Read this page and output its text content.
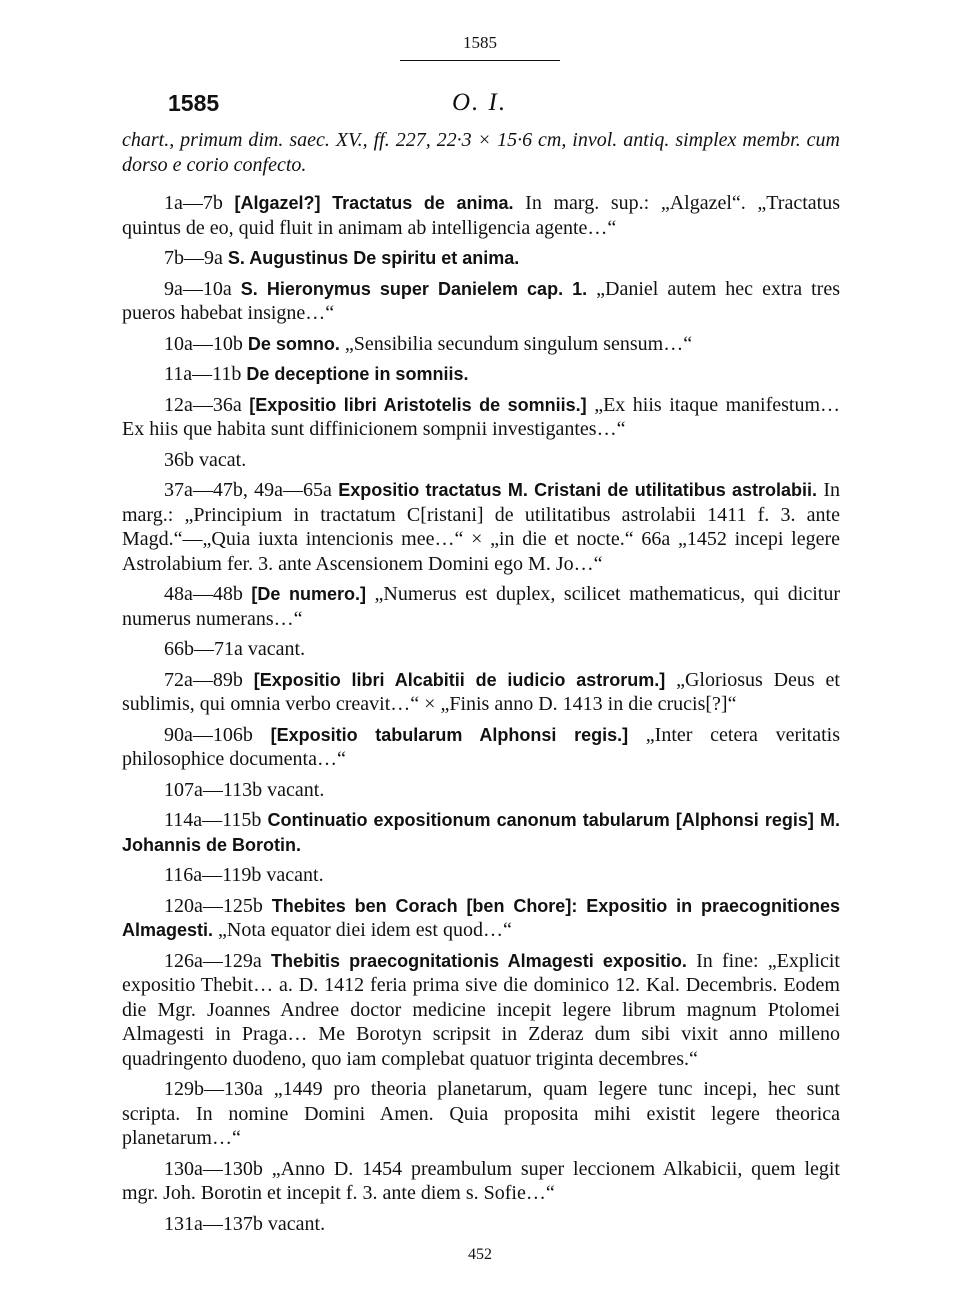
1585
1585	O. I.

chart., primum dim. saec. XV., ff. 227, 22·3 × 15·6 cm, invol. antiq. simplex membr. cum dorso e corio confecto.

1a—7b [Algazel?] Tractatus de anima. In marg. sup.: „Algazel“. „Tractatus quintus de eo, quid fluit in animam ab intelligencia agente…“

7b—9a S. Augustinus De spiritu et anima.

9a—10a S. Hieronymus super Danielem cap. 1. „Daniel autem hec extra tres pueros habebat insigne…“

10a—10b De somno. „Sensibilia secundum singulum sensum…“

11a—11b De deceptione in somniis.

12a—36a [Expositio libri Aristotelis de somniis.] „Ex hiis itaque manifestum… Ex hiis que habita sunt diffinicionem sompnii investigantes…“

36b vacat.

37a—47b, 49a—65a Expositio tractatus M. Cristani de utilitatibus astrolabii. In marg.: „Principium in tractatum C[ristani] de utilitatibus astrolabii 1411 f. 3. ante Magd.“—„Quia iuxta intencionis mee…“ × „in die et nocte.“ 66a „1452 incepi legere Astrolabium fer. 3. ante Ascensionem Domini ego M. Jo…“

48a—48b [De numero.] „Numerus est duplex, scilicet mathematicus, qui dicitur numerus numerans…“

66b—71a vacant.

72a—89b [Expositio libri Alcabitii de iudicio astrorum.] „Gloriosus Deus et sublimis, qui omnia verbo creavit…“ × „Finis anno D. 1413 in die crucis[?]“

90a—106b [Expositio tabularum Alphonsi regis.] „Inter cetera veritatis philosophice documenta…“

107a—113b vacant.

114a—115b Continuatio expositionum canonum tabularum [Alphonsi regis] M. Johannis de Borotin.

116a—119b vacant.

120a—125b Thebites ben Corach [ben Chore]: Expositio in praecognitiones Almagesti. „Nota equator diei idem est quod…“

126a—129a Thebitis praecognitationis Almagesti expositio. In fine: „Explicit expositio Thebit… a. D. 1412 feria prima sive die dominico 12. Kal. Decembris. Eodem die Mgr. Joannes Andree doctor medicine incepit legere librum magnum Ptolomei Almagesti in Praga… Me Borotyn scripsit in Zderaz dum sibi vixit anno milleno quadringento duodeno, quo iam complebat quatuor triginta decembres.“

129b—130a „1449 pro theoria planetarum, quam legere tunc incepi, hec sunt scripta. In nomine Domini Amen. Quia proposita mihi existit legere theorica planetarum…“

130a—130b „Anno D. 1454 preambulum super leccionem Alkabicii, quem legit mgr. Joh. Borotin et incepit f. 3. ante diem s. Sofie…“

131a—137b vacant.

452
